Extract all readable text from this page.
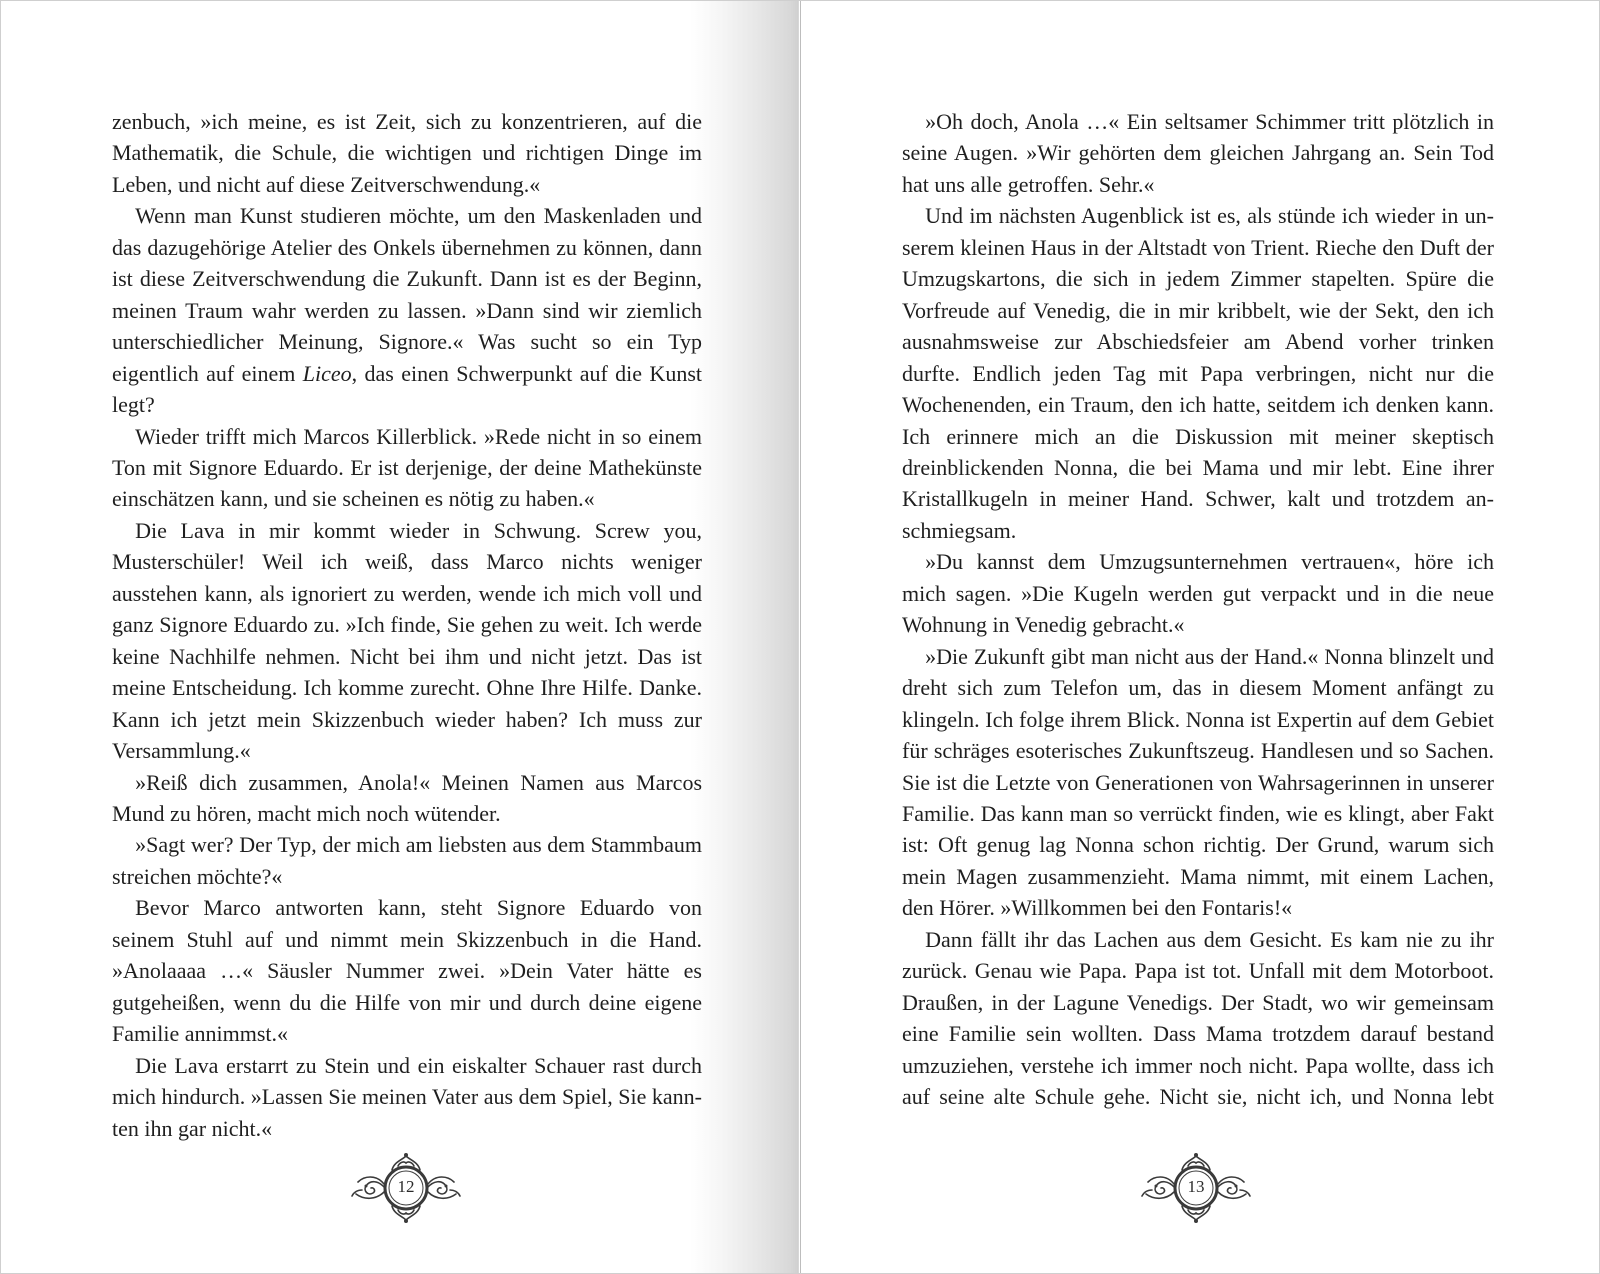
zenbuch, »ich meine, es ist Zeit, sich zu konzentrieren, auf die Mathematik, die Schule, die wichtigen und richtigen Dinge im Leben, und nicht auf diese Zeitverschwendung.«

Wenn man Kunst studieren möchte, um den Maskenladen und das dazugehörige Atelier des Onkels übernehmen zu können, dann ist diese Zeitverschwendung die Zukunft. Dann ist es der Beginn, meinen Traum wahr werden zu lassen. »Dann sind wir ziemlich unterschiedlicher Meinung, Signore.« Was sucht so ein Typ eigentlich auf einem Liceo, das einen Schwerpunkt auf die Kunst legt?

Wieder trifft mich Marcos Killerblick. »Rede nicht in so einem Ton mit Signore Eduardo. Er ist derjenige, der deine Mathekünste einschätzen kann, und sie scheinen es nötig zu haben.«

Die Lava in mir kommt wieder in Schwung. Screw you, Musterschüler! Weil ich weiß, dass Marco nichts weniger ausstehen kann, als ignoriert zu werden, wende ich mich voll und ganz Signore Eduardo zu. »Ich finde, Sie gehen zu weit. Ich werde keine Nachhilfe nehmen. Nicht bei ihm und nicht jetzt. Das ist meine Entscheidung. Ich komme zurecht. Ohne Ihre Hilfe. Danke. Kann ich jetzt mein Skizzenbuch wieder haben? Ich muss zur Versammlung.«

»Reiß dich zusammen, Anola!« Meinen Namen aus Marcos Mund zu hören, macht mich noch wütender.

»Sagt wer? Der Typ, der mich am liebsten aus dem Stammbaum streichen möchte?«

Bevor Marco antworten kann, steht Signore Eduardo von seinem Stuhl auf und nimmt mein Skizzenbuch in die Hand. »Anolaaaa …« Säusler Nummer zwei. »Dein Vater hätte es gutgeheißen, wenn du die Hilfe von mir und durch deine eigene Familie annimmst.«

Die Lava erstarrt zu Stein und ein eiskalter Schauer rast durch mich hindurch. »Lassen Sie meinen Vater aus dem Spiel, Sie kannten ihn gar nicht.«

12

»Oh doch, Anola …« Ein seltsamer Schimmer tritt plötzlich in seine Augen. »Wir gehörten dem gleichen Jahrgang an. Sein Tod hat uns alle getroffen. Sehr.«

Und im nächsten Augenblick ist es, als stünde ich wieder in unserem kleinen Haus in der Altstadt von Trient. Rieche den Duft der Umzugskartons, die sich in jedem Zimmer stapelten. Spüre die Vorfreude auf Venedig, die in mir kribbelt, wie der Sekt, den ich ausnahmsweise zur Abschiedsfeier am Abend vorher trinken durfte. Endlich jeden Tag mit Papa verbringen, nicht nur die Wochenenden, ein Traum, den ich hatte, seitdem ich denken kann. Ich erinnere mich an die Diskussion mit meiner skeptisch dreinblickenden Nonna, die bei Mama und mir lebt. Eine ihrer Kristallkugeln in meiner Hand. Schwer, kalt und trotzdem anschmiegsam.

»Du kannst dem Umzugsunternehmen vertrauen«, höre ich mich sagen. »Die Kugeln werden gut verpackt und in die neue Wohnung in Venedig gebracht.«

»Die Zukunft gibt man nicht aus der Hand.« Nonna blinzelt und dreht sich zum Telefon um, das in diesem Moment anfängt zu klingeln. Ich folge ihrem Blick. Nonna ist Expertin auf dem Gebiet für schräges esoterisches Zukunftszeug. Handlesen und so Sachen. Sie ist die Letzte von Generationen von Wahrsagerinnen in unserer Familie. Das kann man so verrückt finden, wie es klingt, aber Fakt ist: Oft genug lag Nonna schon richtig. Der Grund, warum sich mein Magen zusammenzieht. Mama nimmt, mit einem Lachen, den Hörer. »Willkommen bei den Fontaris!«

Dann fällt ihr das Lachen aus dem Gesicht. Es kam nie zu ihr zurück. Genau wie Papa. Papa ist tot. Unfall mit dem Motorboot. Draußen, in der Lagune Venedigs. Der Stadt, wo wir gemeinsam eine Familie sein wollten. Dass Mama trotzdem darauf bestand umzuziehen, verstehe ich immer noch nicht. Papa wollte, dass ich auf seine alte Schule gehe. Nicht sie, nicht ich, und Nonna lebt

13
